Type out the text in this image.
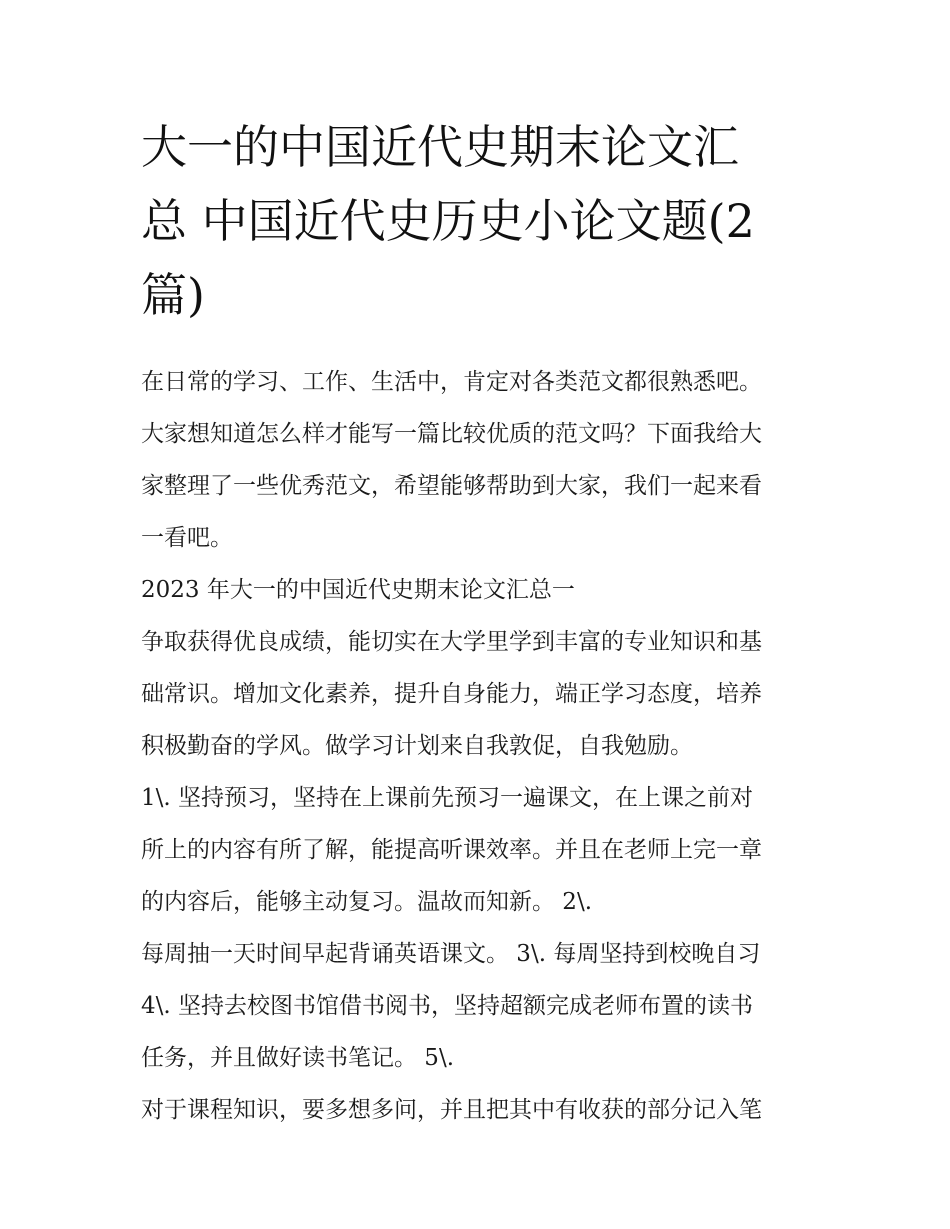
大一的中国近代史期末论文汇
总 中国近代史历史小论文题(2
篇)

在日常的学习、工作、生活中，肯定对各类范文都很熟悉吧。

大家想知道怎么样才能写一篇比较优质的范文吗？下面我给大

家整理了一些优秀范文，希望能够帮助到大家，我们一起来看

一看吧。

2023 年大一的中国近代史期末论文汇总一

争取获得优良成绩，能切实在大学里学到丰富的专业知识和基

础常识。增加文化素养，提升自身能力，端正学习态度，培养

积极勤奋的学风。做学习计划来自我敦促，自我勉励。

1\. 坚持预习，坚持在上课前先预习一遍课文，在上课之前对

所上的内容有所了解，能提高听课效率。并且在老师上完一章

的内容后，能够主动复习。温故而知新。 2\.

每周抽一天时间早起背诵英语课文。 3\. 每周坚持到校晚自习

4\. 坚持去校图书馆借书阅书，坚持超额完成老师布置的读书

任务，并且做好读书笔记。 5\.

对于课程知识，要多想多问，并且把其中有收获的部分记入笔
